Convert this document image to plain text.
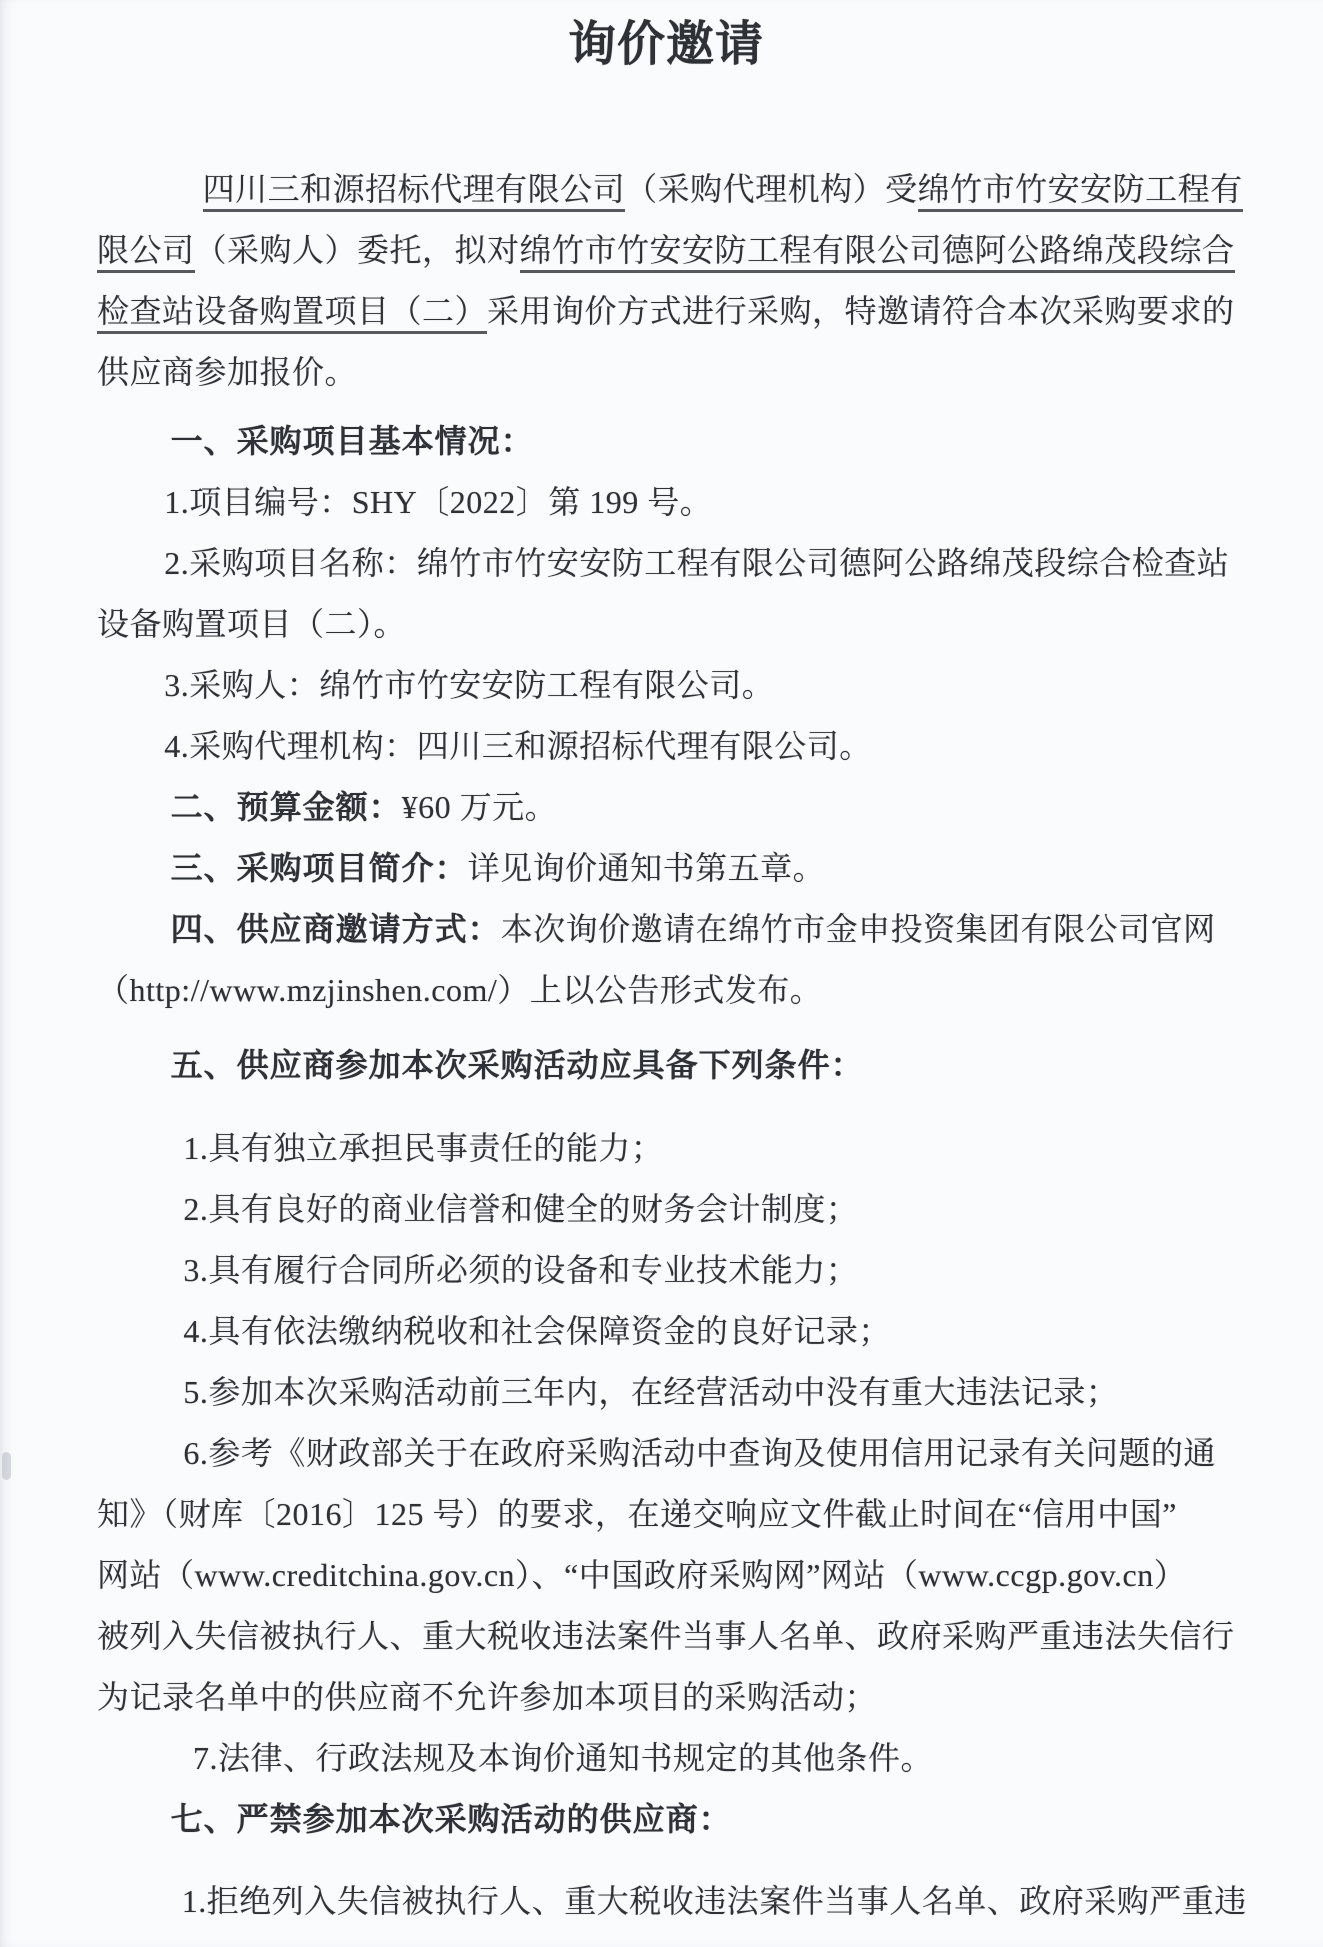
询价邀请
四川三和源招标代理有限公司（采购代理机构）受绵竹市竹安安防工程有
限公司（采购人）委托，拟对绵竹市竹安安防工程有限公司德阿公路绵茂段综合
检查站设备购置项目（二）采用询价方式进行采购，特邀请符合本次采购要求的
供应商参加报价。
一、采购项目基本情况：
1.项目编号：SHY〔2022〕第 199 号。
2.采购项目名称：绵竹市竹安安防工程有限公司德阿公路绵茂段综合检查站
设备购置项目（二）。
3.采购人：绵竹市竹安安防工程有限公司。
4.采购代理机构：四川三和源招标代理有限公司。
二、预算金额：¥60 万元。
三、采购项目简介：详见询价通知书第五章。
四、供应商邀请方式：本次询价邀请在绵竹市金申投资集团有限公司官网
（http://www.mzjinshen.com/）上以公告形式发布。
五、供应商参加本次采购活动应具备下列条件：
1.具有独立承担民事责任的能力；
2.具有良好的商业信誉和健全的财务会计制度；
3.具有履行合同所必须的设备和专业技术能力；
4.具有依法缴纳税收和社会保障资金的良好记录；
5.参加本次采购活动前三年内，在经营活动中没有重大违法记录；
6.参考《财政部关于在政府采购活动中查询及使用信用记录有关问题的通
知》（财库〔2016〕125 号）的要求，在递交响应文件截止时间在“信用中国”
网站（www.creditchina.gov.cn）、“中国政府采购网”网站（www.ccgp.gov.cn）
被列入失信被执行人、重大税收违法案件当事人名单、政府采购严重违法失信行
为记录名单中的供应商不允许参加本项目的采购活动；
7.法律、行政法规及本询价通知书规定的其他条件。
七、严禁参加本次采购活动的供应商：
1.拒绝列入失信被执行人、重大税收违法案件当事人名单、政府采购严重违
